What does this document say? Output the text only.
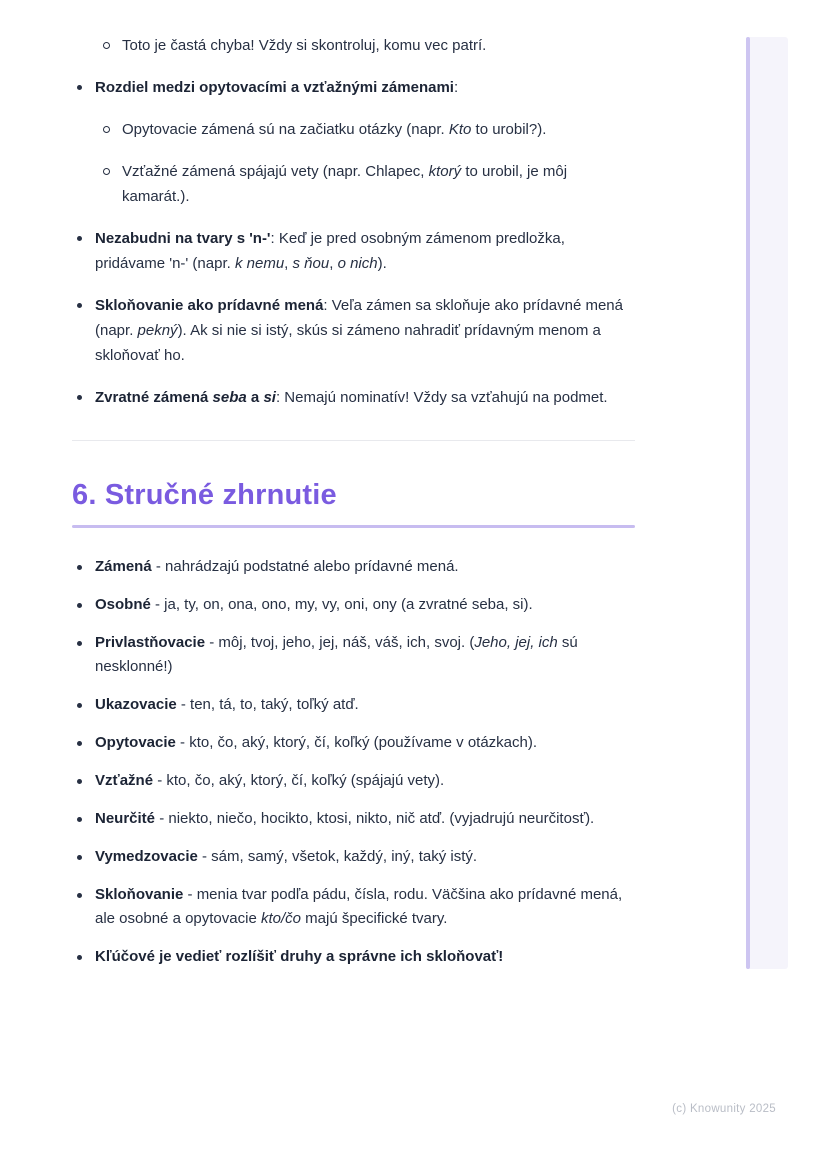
Toto je častá chyba! Vždy si skontroluj, komu vec patrí.
Rozdiel medzi opytovacími a vzťažnými zámenami:
Opytovacie zámená sú na začiatku otázky (napr. Kto to urobil?).
Vzťažné zámená spájajú vety (napr. Chlapec, ktorý to urobil, je môj kamarát.).
Nezabudni na tvary s 'n-': Keď je pred osobným zámenom predložka, pridávame 'n-' (napr. k nemu, s ňou, o nich).
Skloňovanie ako prídavné mená: Veľa zámen sa skloňuje ako prídavné mená (napr. pekný). Ak si nie si istý, skús si zámeno nahradiť prídavným menom a skloňovať ho.
Zvratné zámená seba a si: Nemajú nominatív! Vždy sa vzťahujú na podmet.
6. Stručné zhrnutie
Zámená - nahrádzajú podstatné alebo prídavné mená.
Osobné - ja, ty, on, ona, ono, my, vy, oni, ony (a zvratné seba, si).
Privlastňovacie - môj, tvoj, jeho, jej, náš, váš, ich, svoj. (Jeho, jej, ich sú nesklonné!)
Ukazovacie - ten, tá, to, taký, toľký atď.
Opytovacie - kto, čo, aký, ktorý, čí, koľký (používame v otázkach).
Vzťažné - kto, čo, aký, ktorý, čí, koľký (spájajú vety).
Neurčité - niekto, niečo, hocikto, ktosi, nikto, nič atď. (vyjadrujú neurčitosť).
Vymedzovacie - sám, samý, všetok, každý, iný, taký istý.
Skloňovanie - menia tvar podľa pádu, čísla, rodu. Väčšina ako prídavné mená, ale osobné a opytovacie kto/čo majú špecifické tvary.
Kľúčové je vedieť rozlíšiť druhy a správne ich skloňovať!
(c) Knowunity 2025
